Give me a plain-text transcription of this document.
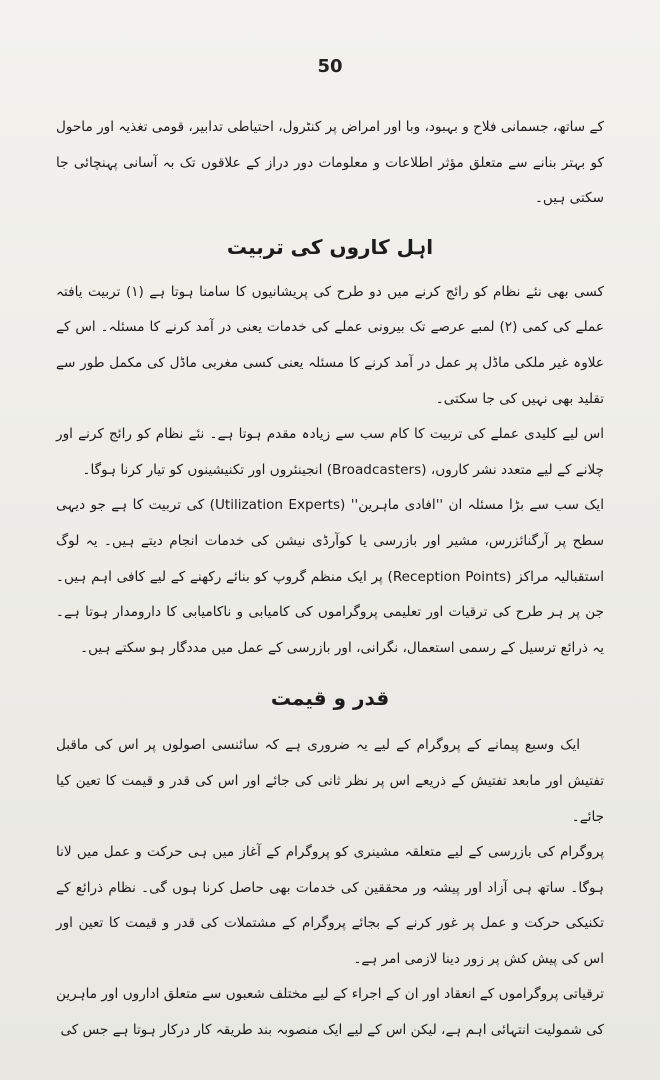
50

کے ساتھ، جسمانی فلاح و بہبود، وبا اور امراض پر کنٹرول، احتیاطی تدابیر، قومی تغذیہ اور ماحول کو بہتر بنانے سے متعلق مؤثر اطلاعات و معلومات دور دراز کے علاقوں تک بہ آسانی پہنچائی جا سکتی ہیں۔

اہل کاروں کی تربیت

کسی بھی نئے نظام کو رائج کرنے میں دو طرح کی پریشانیوں کا سامنا ہوتا ہے (۱) تربیت یافتہ عملے کی کمی (۲) لمبے عرصے تک بیرونی عملے کی خدمات یعنی در آمد کرنے کا مسئلہ۔ اس کے علاوہ غیر ملکی ماڈل پر عمل در آمد کرنے کا مسئلہ یعنی کسی مغربی ماڈل کی مکمل طور سے تقلید بھی نہیں کی جا سکتی۔

اس لیے کلیدی عملے کی تربیت کا کام سب سے زیادہ مقدم ہوتا ہے۔ نئے نظام کو رائج کرنے اور چلانے کے لیے متعدد نشر کاروں، (Broadcasters) انجینئروں اور تکنیشینوں کو تیار کرنا ہوگا۔

ایک سب سے بڑا مسئلہ ان ''افادی ماہرین'' (Utilization Experts) کی تربیت کا ہے جو دیہی سطح پر آرگنائزرس، مشیر اور بازرسی یا کوآرڈی نیشن کی خدمات انجام دیتے ہیں۔ یہ لوگ استقبالیہ مراکز (Reception Points) پر ایک منظم گروپ کو بنائے رکھنے کے لیے کافی اہم ہیں۔ جن پر ہر طرح کی ترقیات اور تعلیمی پروگراموں کی کامیابی و ناکامیابی کا دارومدار ہوتا ہے۔ یہ ذرائع ترسیل کے رسمی استعمال، نگرانی، اور بازرسی کے عمل میں مددگار ہو سکتے ہیں۔

قدر و قیمت

ایک وسیع پیمانے کے پروگرام کے لیے یہ ضروری ہے کہ سائنسی اصولوں پر اس کی ماقبل تفتیش اور مابعد تفتیش کے ذریعے اس پر نظر ثانی کی جائے اور اس کی قدر و قیمت کا تعین کیا جائے۔

پروگرام کی بازرسی کے لیے متعلقہ مشینری کو پروگرام کے آغاز میں ہی حرکت و عمل میں لانا ہوگا۔ ساتھ ہی آزاد اور پیشہ ور محققین کی خدمات بھی حاصل کرنا ہوں گی۔ نظام ذرائع کے تکنیکی حرکت و عمل پر غور کرنے کے بجائے پروگرام کے مشتملات کی قدر و قیمت کا تعین اور اس کی پیش کش پر زور دینا لازمی امر ہے۔

ترقیاتی پروگراموں کے انعقاد اور ان کے اجراء کے لیے مختلف شعبوں سے متعلق اداروں اور ماہرین کی شمولیت انتہائی اہم ہے، لیکن اس کے لیے ایک منصوبہ بند طریقہ کار درکار ہوتا ہے جس کی
